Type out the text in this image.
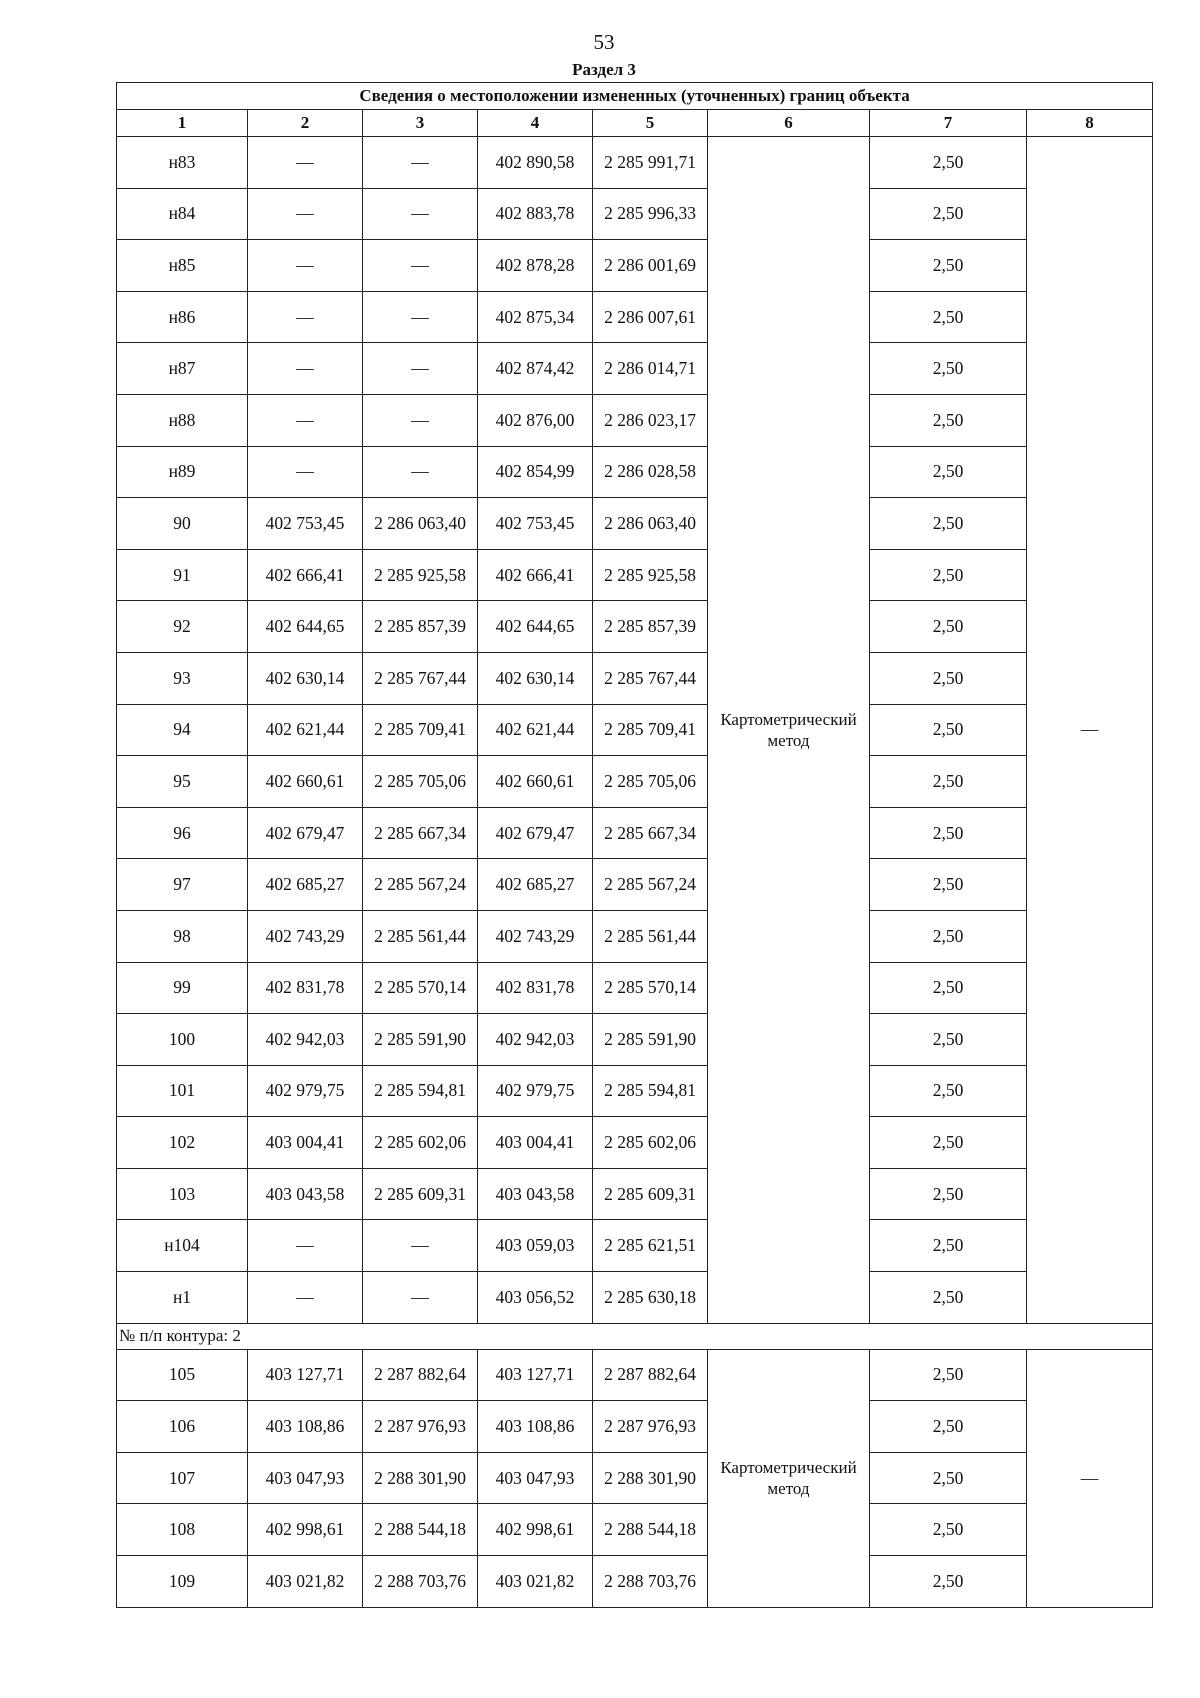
53
Раздел 3
Сведения о местоположении измененных (уточненных) границ объекта							
1	2	3	4	5	6	7	8
н83	—	—	402 890,58	2 285 991,71	Картометрический метод	2,50	—
н84	—	—	402 883,78	2 285 996,33		2,50	
н85	—	—	402 878,28	2 286 001,69		2,50	
н86	—	—	402 875,34	2 286 007,61		2,50	
н87	—	—	402 874,42	2 286 014,71		2,50	
н88	—	—	402 876,00	2 286 023,17		2,50	
н89	—	—	402 854,99	2 286 028,58		2,50	
90	402 753,45	2 286 063,40	402 753,45	2 286 063,40		2,50	
91	402 666,41	2 285 925,58	402 666,41	2 285 925,58		2,50	
92	402 644,65	2 285 857,39	402 644,65	2 285 857,39		2,50	
93	402 630,14	2 285 767,44	402 630,14	2 285 767,44		2,50	
94	402 621,44	2 285 709,41	402 621,44	2 285 709,41		2,50	
95	402 660,61	2 285 705,06	402 660,61	2 285 705,06		2,50	
96	402 679,47	2 285 667,34	402 679,47	2 285 667,34		2,50	
97	402 685,27	2 285 567,24	402 685,27	2 285 567,24		2,50	
98	402 743,29	2 285 561,44	402 743,29	2 285 561,44		2,50	
99	402 831,78	2 285 570,14	402 831,78	2 285 570,14		2,50	
100	402 942,03	2 285 591,90	402 942,03	2 285 591,90		2,50	
101	402 979,75	2 285 594,81	402 979,75	2 285 594,81		2,50	
102	403 004,41	2 285 602,06	403 004,41	2 285 602,06		2,50	
103	403 043,58	2 285 609,31	403 043,58	2 285 609,31		2,50	
н104	—	—	403 059,03	2 285 621,51		2,50	
н1	—	—	403 056,52	2 285 630,18		2,50	
№ п/п контура: 2							
105	403 127,71	2 287 882,64	403 127,71	2 287 882,64	Картометрический метод	2,50	—
106	403 108,86	2 287 976,93	403 108,86	2 287 976,93		2,50	
107	403 047,93	2 288 301,90	403 047,93	2 288 301,90		2,50	
108	402 998,61	2 288 544,18	402 998,61	2 288 544,18		2,50	
109	403 021,82	2 288 703,76	403 021,82	2 288 703,76		2,50	
